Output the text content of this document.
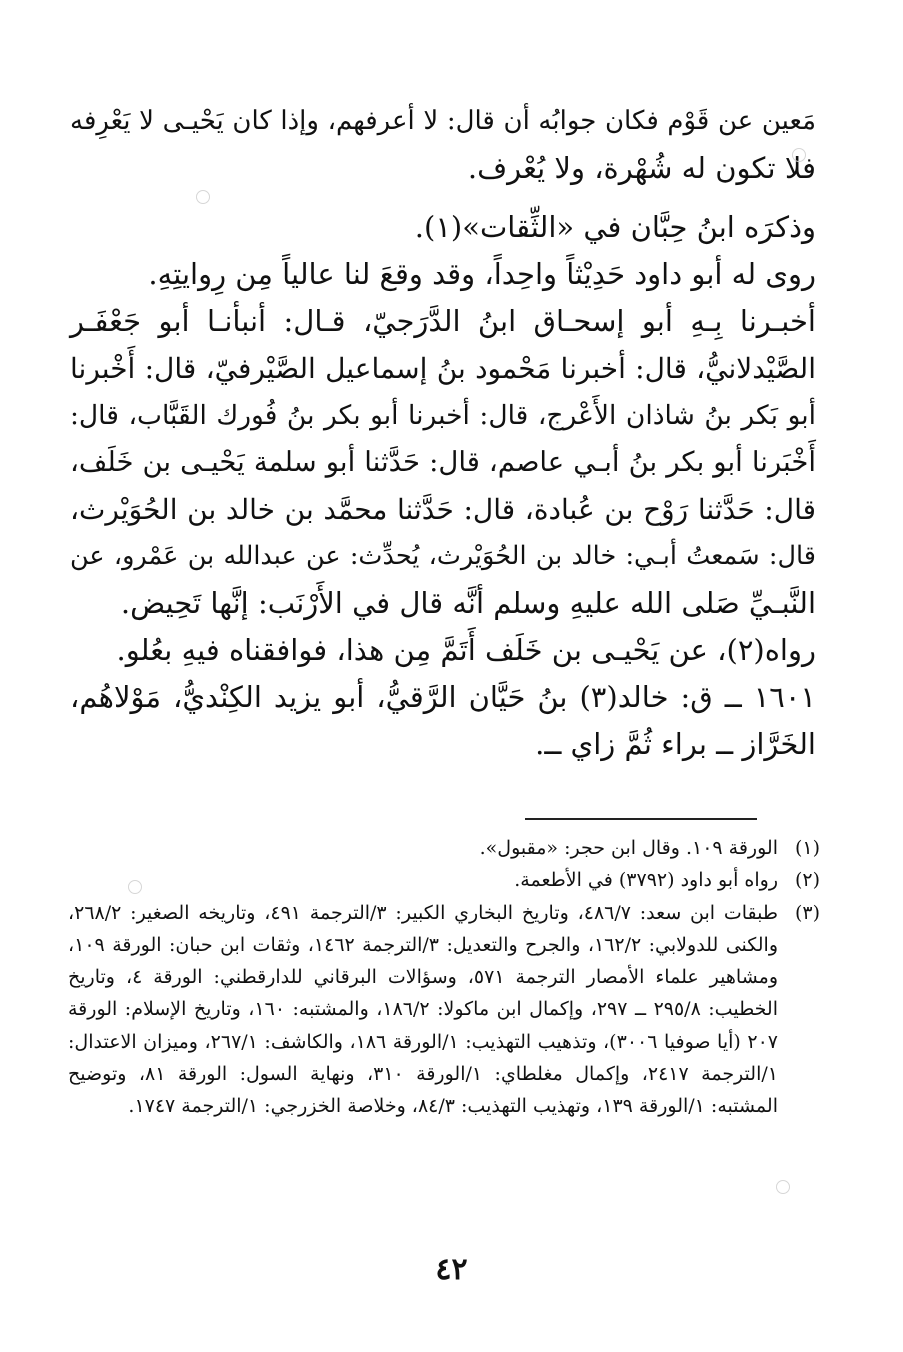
مَعين عن قَوْم فكان جوابُه أن قال: لا أعرفهم، وإذا كان يَحْيـى لا يَعْرِفه

فلا تكون له شُهْرة، ولا يُعْرف.

وذكرَه ابنُ حِبَّان في «الثِّقات»(١).

روى له أبو داود حَدِيْثاً واحِداً، وقد وقعَ لنا عالياً مِن رِوايتِهِ.

أخبـرنا بِـهِ أبو إسحـاق ابنُ الدَّرَجيّ، قـال: أنبأنـا أبو جَعْفَـر

الصَّيْدلانيُّ، قال: أخبرنا مَحْمود بنُ إسماعيل الصَّيْرفيّ، قال: أَخْبرنا

أبو بَكر بنُ شاذان الأَعْرج، قال: أخبرنا أبو بكر بنُ فُورك القَبَّاب، قال:

أَخْبَرنا أبو بكر بنُ أبـي عاصم، قال: حَدَّثنا أبو سلمة يَحْيـى بن خَلَف،

قال: حَدَّثنا رَوْح بن عُبادة، قال: حَدَّثنا محمَّد بن خالد بن الحُوَيْرث،

قال: سَمعتُ أبـي: خالد بن الحُوَيْرث، يُحدِّث: عن عبدالله بن عَمْرو، عن

النَّبـيِّ صَلى الله عليهِ وسلم أنَّه قال في الأَرْنَب: إنَّها تَحِيض.

رواه(٢)، عن يَحْيـى بن خَلَف أَتَمَّ مِن هذا، فوافقناه فيهِ بعُلو.

١٦٠١ ــ ق: خالد(٣) بنُ حَيَّان الرَّقيُّ، أبو يزيد الكِنْديُّ، مَوْلاهُم،

الخَرَّاز ــ براء ثُمَّ زاي ــ.

(١)
الورقة ١٠٩. وقال ابن حجر: «مقبول».

(٢)
رواه أبو داود (٣٧٩٢) في الأطعمة.

(٣)
طبقات ابن سعد: ٤٨٦/٧، وتاريخ البخاري الكبير: ٣/الترجمة ٤٩١، وتاريخه الصغير: ٢٦٨/٢، والكنى للدولابي: ١٦٢/٢، والجرح والتعديل: ٣/الترجمة ١٤٦٢، وثقات ابن حبان: الورقة ١٠٩، ومشاهير علماء الأمصار الترجمة ٥٧١، وسؤالات البرقاني للدارقطني: الورقة ٤، وتاريخ الخطيب: ٢٩٥/٨ ــ ٢٩٧، وإكمال ابن ماكولا: ١٨٦/٢، والمشتبه: ١٦٠، وتاريخ الإسلام: الورقة ٢٠٧ (أيا صوفيا ٣٠٠٦)، وتذهيب التهذيب: ١/الورقة ١٨٦، والكاشف: ٢٦٧/١، وميزان الاعتدال: ١/الترجمة ٢٤١٧، وإكمال مغلطاي: ١/الورقة ٣١٠، ونهاية السول: الورقة ٨١، وتوضيح المشتبه: ١/الورقة ١٣٩، وتهذيب التهذيب: ٨٤/٣، وخلاصة الخزرجي: ١/الترجمة ١٧٤٧.

٤٢
